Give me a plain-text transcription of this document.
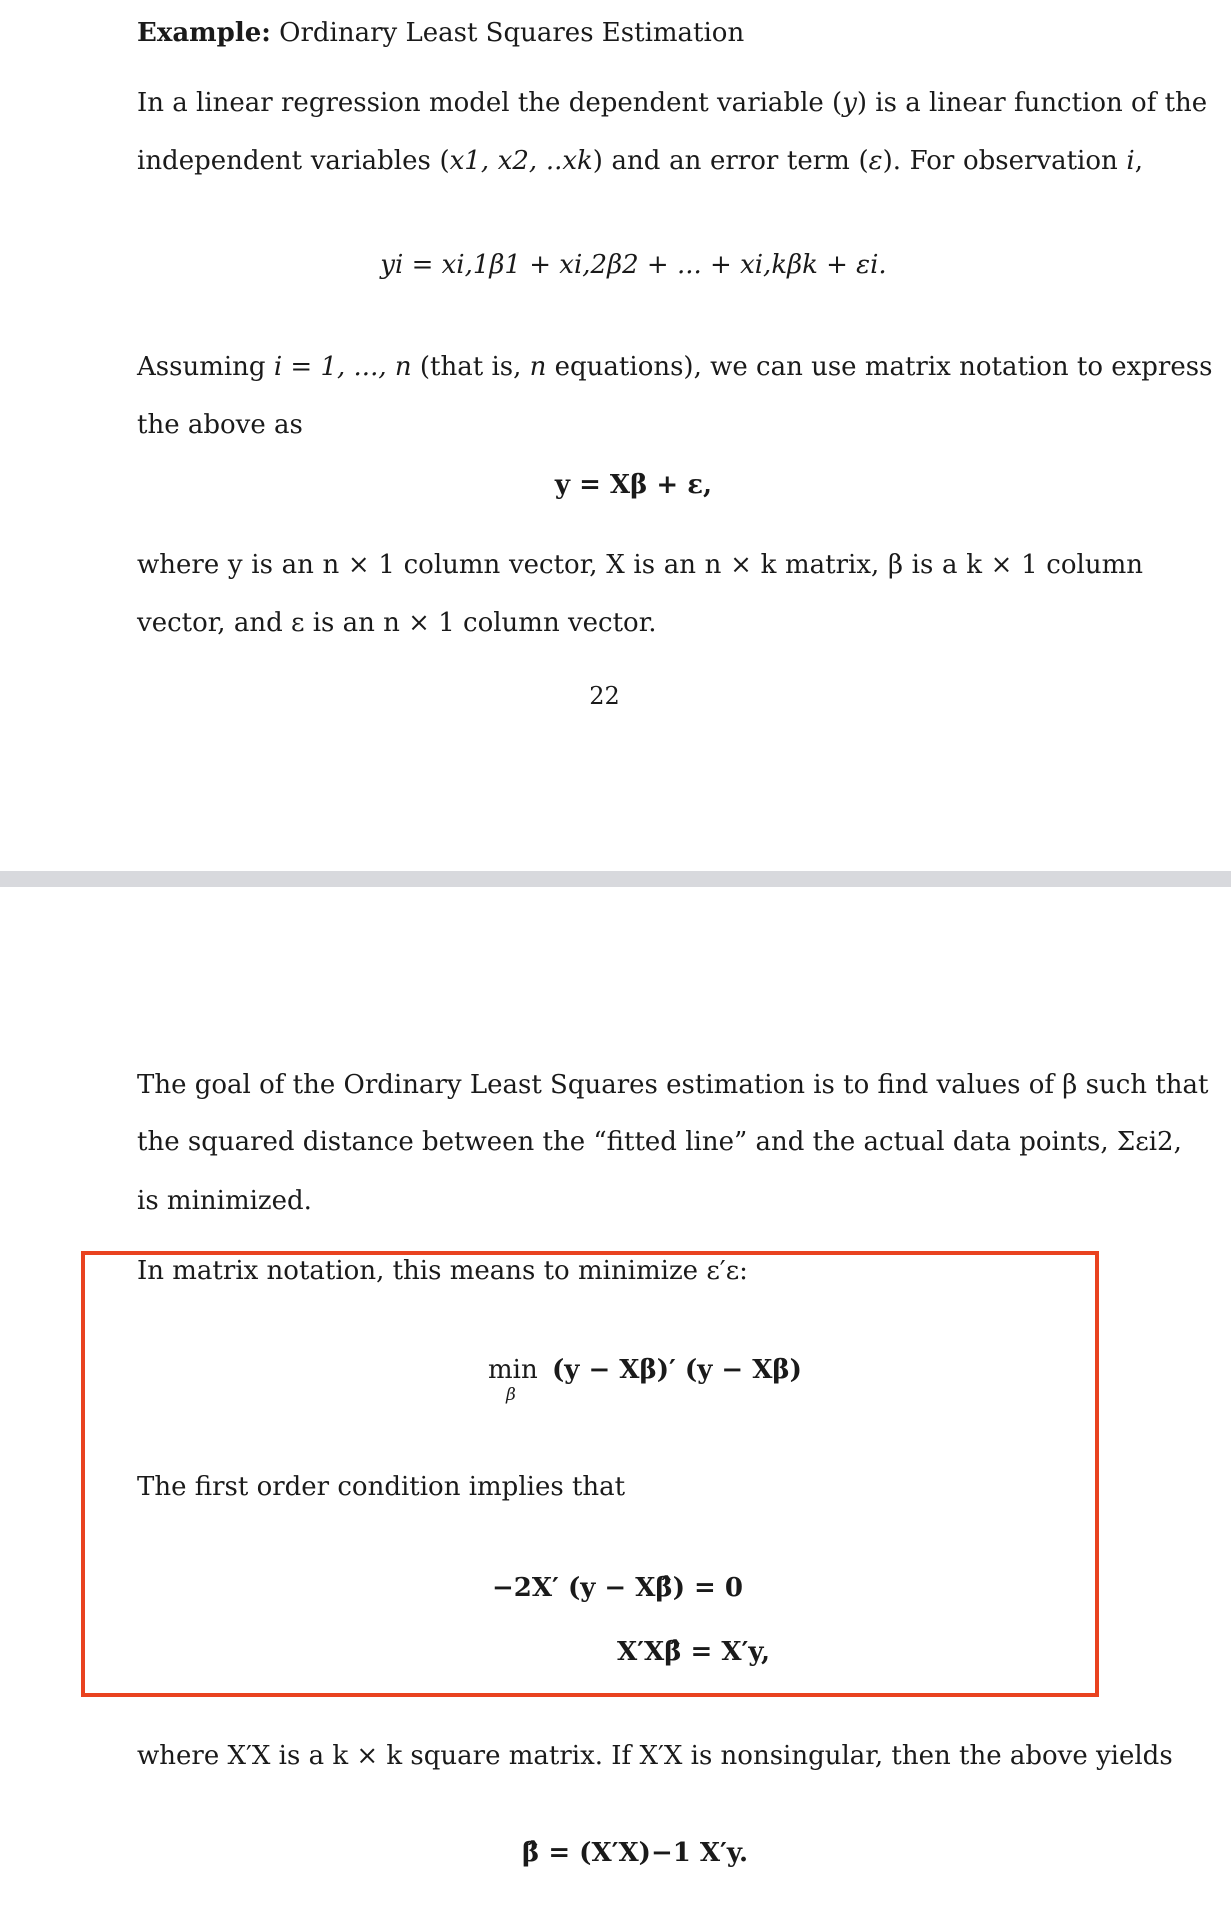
Example: Ordinary Least Squares Estimation
In a linear regression model the dependent variable (y) is a linear function of the
independent variables (x1, x2, ..xk) and an error term (ε). For observation i,
yi = xi,1β1 + xi,2β2 + ... + xi,kβk + εi.
Assuming i = 1, ..., n (that is, n equations), we can use matrix notation to express
the above as
y = Xβ + ε,
where y is an n × 1 column vector, X is an n × k matrix, β is a k × 1 column
vector, and ε is an n × 1 column vector.
22
The goal of the Ordinary Least Squares estimation is to find values of β such that
the squared distance between the “fitted line” and the actual data points, Σεi2,
is minimized.
In matrix notation, this means to minimize ε′ε:
min (y − Xβ)′ (y − Xβ)
β
The first order condition implies that
−2X′ (y − Xβ̂) = 0
X′Xβ̂ = X′y,
where X′X is a k × k square matrix. If X′X is nonsingular, then the above yields
β̂ = (X′X)−1 X′y.
